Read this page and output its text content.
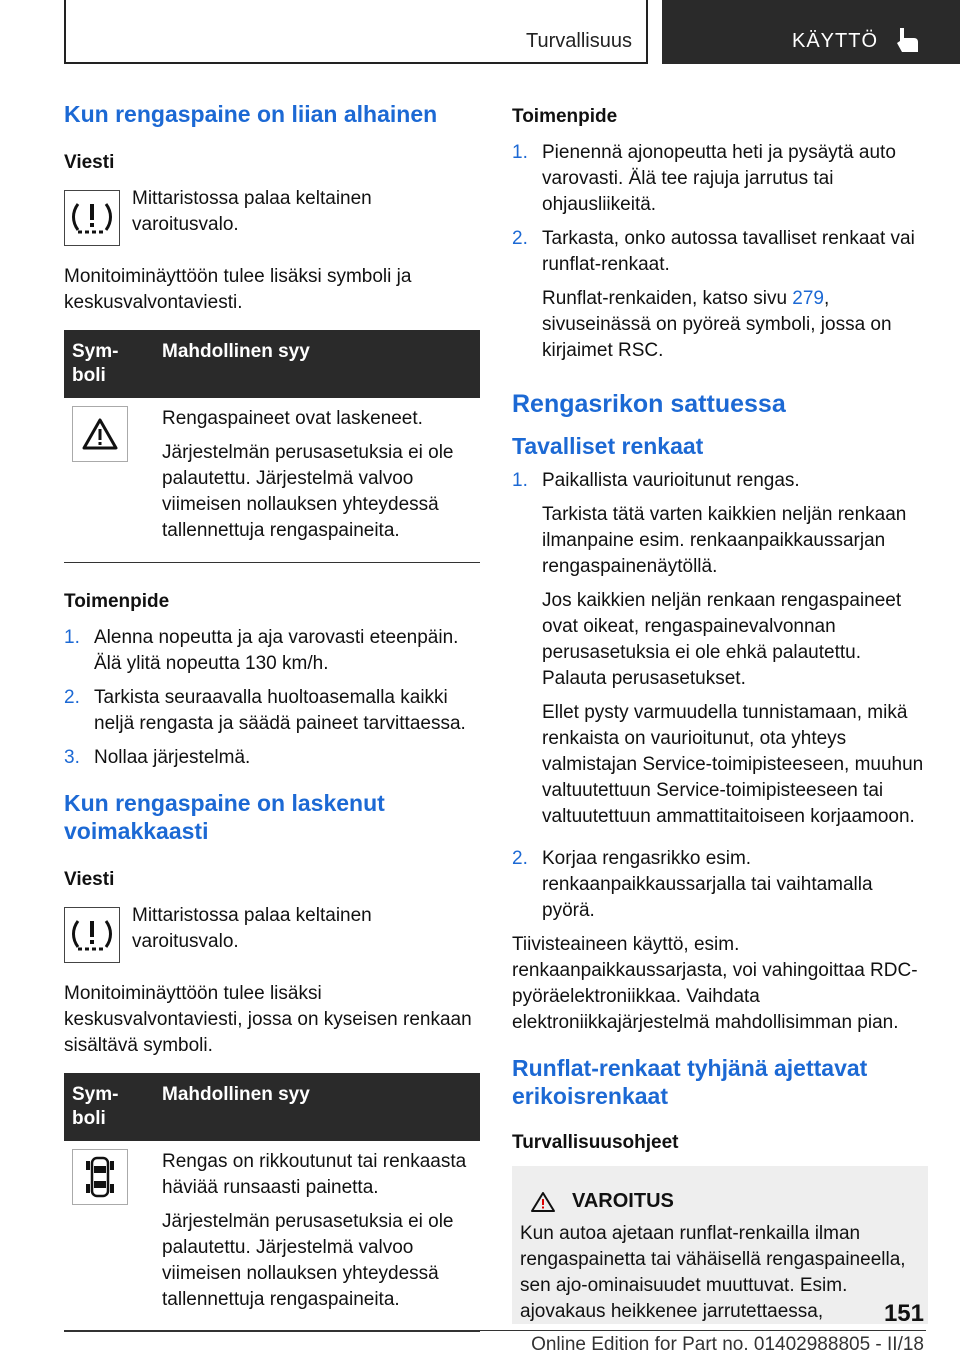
Turvallisuus	KÄYTTÖ
Kun rengaspaine on liian alhainen
Viesti
Mittaristossa palaa keltainen varoitusvalo.
Monitoiminäyttöön tulee lisäksi symboli ja keskusvalvontaviesti.
Sym-boli	Mahdollinen syy

Rengaspaineet ovat laskeneet.

Järjestelmän perusasetuksia ei ole palautettu. Järjestelmä valvoo viimeisen nollauksen yhteydessä tallennettuja rengaspaineita.

Toimenpide
1. Alenna nopeutta ja aja varovasti eteenpäin. Älä ylitä nopeutta 130 km/h.
2. Tarkista seuraavalla huoltoasemalla kaikki neljä rengasta ja säädä paineet tarvittaessa.
3. Nollaa järjestelmä.
Kun rengaspaine on laskenut voimakkaasti
Viesti
Mittaristossa palaa keltainen varoitusvalo.
Monitoiminäyttöön tulee lisäksi keskusvalvontaviesti, jossa on kyseisen renkaan sisältävä symboli.
Sym-boli	Mahdollinen syy

Rengas on rikkoutunut tai renkaasta häviää runsaasti painetta.

Järjestelmän perusasetuksia ei ole palautettu. Järjestelmä valvoo viimeisen nollauksen yhteydessä tallennettuja rengaspaineita.

Toimenpide
1. Pienennä ajonopeutta heti ja pysäytä auto varovasti. Älä tee rajuja jarrutus tai ohjausliikeitä.
2. Tarkasta, onko autossa tavalliset renkaat vai runflat-renkaat.

Runflat-renkaiden, katso sivu 279, sivuseinässä on pyöreä symboli, jossa on kirjaimet RSC.

Rengasrikon sattuessa
Tavalliset renkaat
1. Paikallista vaurioitunut rengas.

Tarkista tätä varten kaikkien neljän renkaan ilmanpaine esim. renkaanpaikkaussarjan rengaspainenäytöllä.

Jos kaikkien neljän renkaan rengaspaineet ovat oikeat, rengaspainevalvonnan perusasetuksia ei ole ehkä palautettu. Palauta perusasetukset.

Ellet pysty varmuudella tunnistamaan, mikä renkaista on vaurioitunut, ota yhteys valmistajan Service-toimipisteeseen, muuhun valtuutettuun Service-toimipisteeseen tai valtuutettuun ammattitaitoiseen korjaamoon.

2. Korjaa rengasrikko esim. renkaanpaikkaussarjalla tai vaihtamalla pyörä.
Tiivisteaineen käyttö, esim. renkaanpaikkaussarjasta, voi vahingoittaa RDC-pyöräelektroniikkaa. Vaihdata elektroniikkajärjestelmä mahdollisimman pian.
Runflat-renkaat tyhjänä ajettavat erikoisrenkaat
Turvallisuusohjeet
VAROITUS

Kun autoa ajetaan runflat-renkailla ilman rengaspainetta tai vähäisellä rengaspaineella, sen ajo-ominaisuudet muuttuvat. Esim. ajovakaus heikkenee jarrutettaessa,	151
Online Edition for Part no. 01402988805 - II/18
